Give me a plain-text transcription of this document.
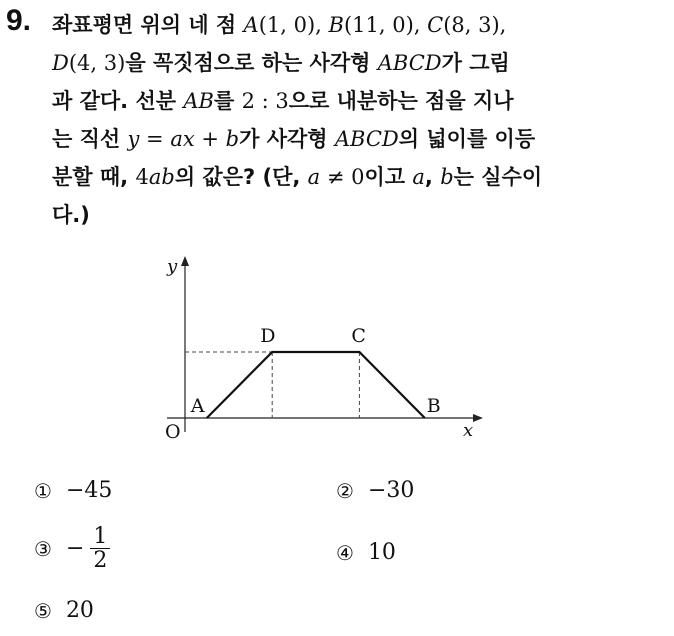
9. 좌표평면 위의 네 점 A(1, 0), B(11, 0), C(8, 3),
D(4, 3)을 꼭짓점으로 하는 사각형 ABCD가 그림
과 같다. 선분 AB를 2 : 3으로 내분하는 점을 지나
는 직선 y = ax + b가 사각형 ABCD의 넓이를 이등
분할 때, 4ab의 값은? (단, a ≠ 0이고 a, b는 실수이
다.)
A	B
C
D
O	x
y
① −45	② −30
③ − $\frac{1}{2}$	④ 10
⑤ 20
